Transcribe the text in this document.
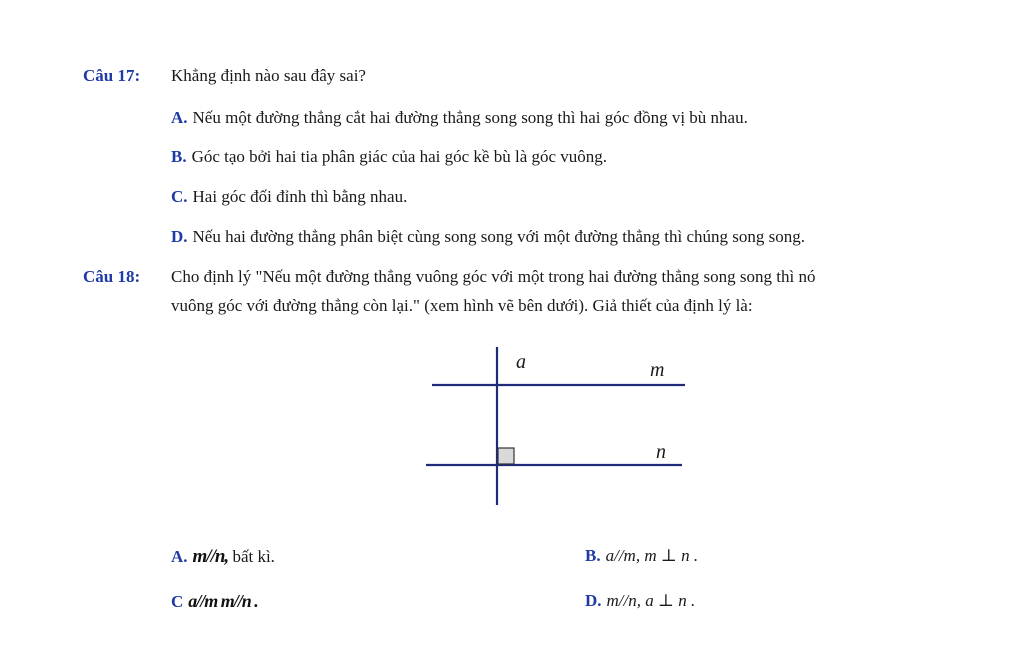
Câu 17: Khẳng định nào sau đây sai?
A. Nếu một đường thẳng cắt hai đường thẳng song song thì hai góc đồng vị bù nhau.
B. Góc tạo bởi hai tia phân giác của hai góc kề bù là góc vuông.
C. Hai góc đối đỉnh thì bằng nhau.
D. Nếu hai đường thẳng phân biệt cùng song song với một đường thẳng thì chúng song song.
Câu 18: Cho định lý "Nếu một đường thẳng vuông góc với một trong hai đường thẳng song song thì nó
vuông góc với đường thẳng còn lại." (xem hình vẽ bên dưới). Giả thiết của định lý là:
a	m
n
A. m//n, bất kì.	B. a//m, m ⊥ n .
C a//m m//n .	D. m//n, a ⊥ n .
